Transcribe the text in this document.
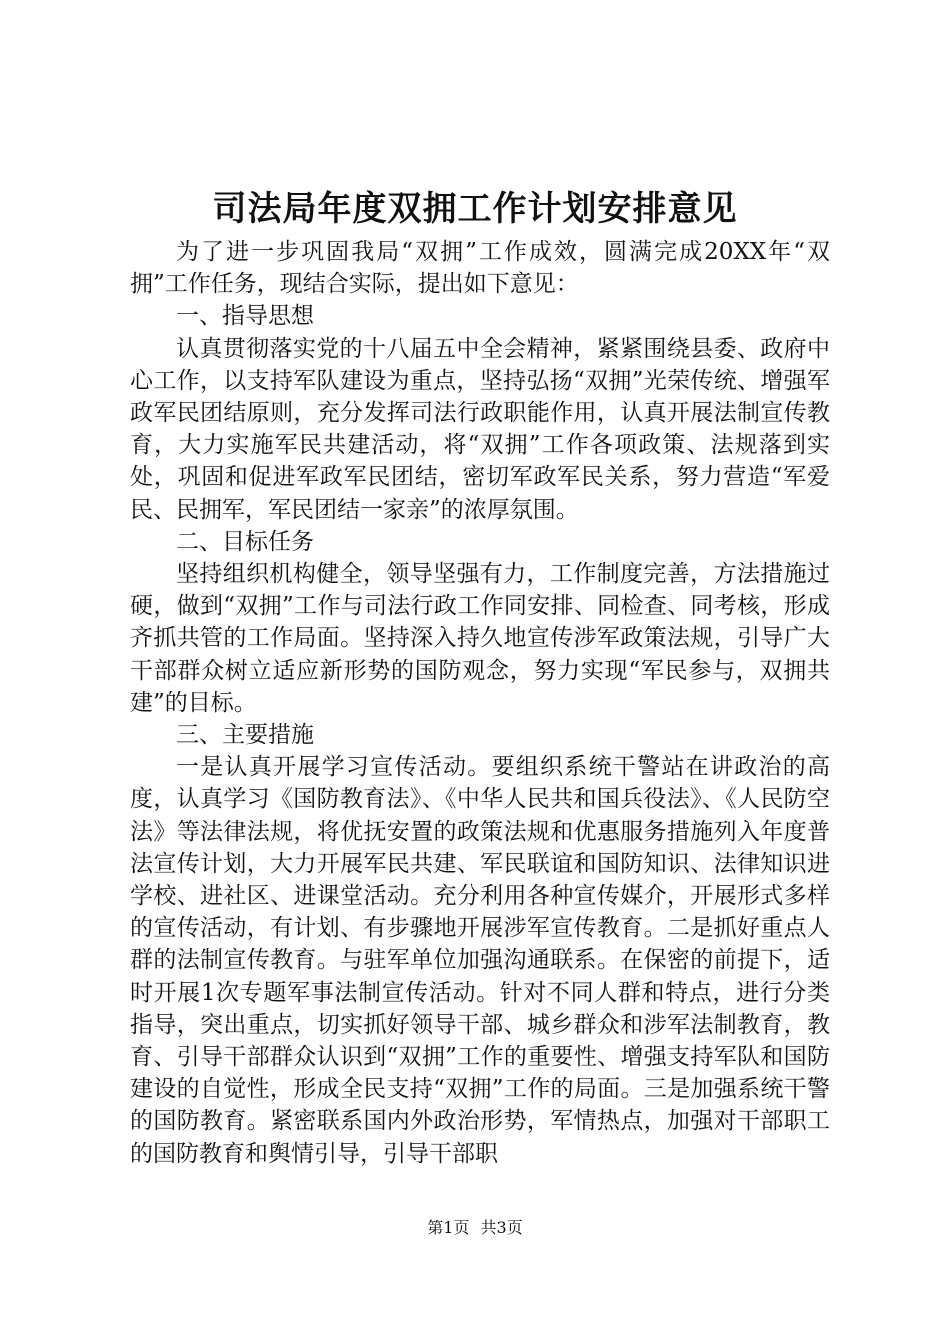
司法局年度双拥工作计划安排意见

为了进一步巩固我局“双拥”工作成效，圆满完成20XX年“双拥”工作任务，现结合实际，提出如下意见：

一、指导思想

认真贯彻落实党的十八届五中全会精神，紧紧围绕县委、政府中心工作，以支持军队建设为重点，坚持弘扬“双拥”光荣传统、增强军政军民团结原则，充分发挥司法行政职能作用，认真开展法制宣传教育，大力实施军民共建活动，将“双拥”工作各项政策、法规落到实处，巩固和促进军政军民团结，密切军政军民关系，努力营造“军爱民、民拥军，军民团结一家亲”的浓厚氛围。

二、目标任务

坚持组织机构健全，领导坚强有力，工作制度完善，方法措施过硬，做到“双拥”工作与司法行政工作同安排、同检查、同考核，形成齐抓共管的工作局面。坚持深入持久地宣传涉军政策法规，引导广大干部群众树立适应新形势的国防观念，努力实现“军民参与，双拥共建”的目标。

三、主要措施

一是认真开展学习宣传活动。要组织系统干警站在讲政治的高度，认真学习《国防教育法》、《中华人民共和国兵役法》、《人民防空法》等法律法规，将优抚安置的政策法规和优惠服务措施列入年度普法宣传计划，大力开展军民共建、军民联谊和国防知识、法律知识进学校、进社区、进课堂活动。充分利用各种宣传媒介，开展形式多样的宣传活动，有计划、有步骤地开展涉军宣传教育。二是抓好重点人群的法制宣传教育。与驻军单位加强沟通联系。在保密的前提下，适时开展1次专题军事法制宣传活动。针对不同人群和特点，进行分类指导，突出重点，切实抓好领导干部、城乡群众和涉军法制教育，教育、引导干部群众认识到“双拥”工作的重要性、增强支持军队和国防建设的自觉性，形成全民支持“双拥”工作的局面。三是加强系统干警的国防教育。紧密联系国内外政治形势，军情热点，加强对干部职工的国防教育和舆情引导，引导干部职

第1页 共3页
